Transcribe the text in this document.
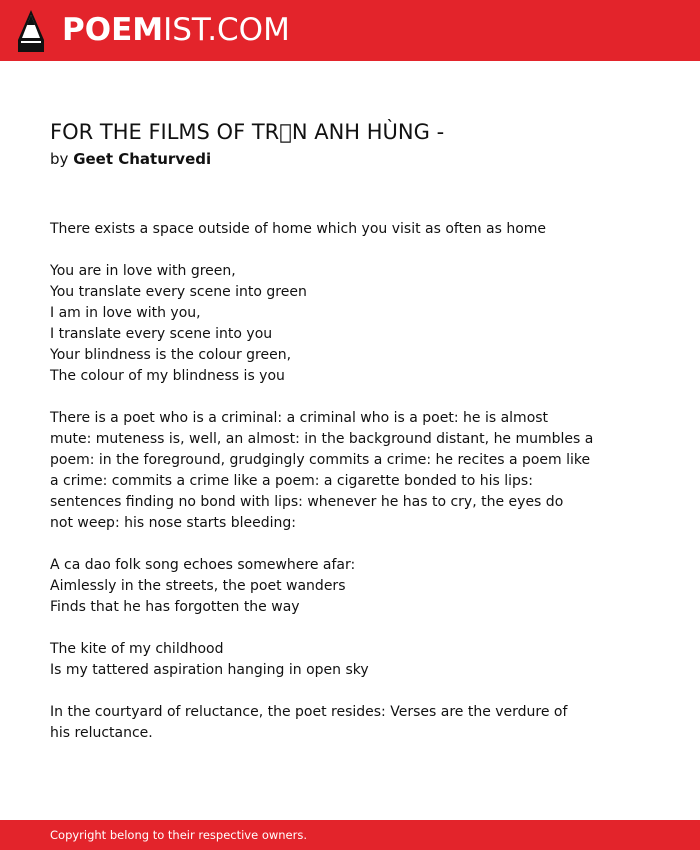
POEMIST.COM
FOR THE FILMS OF TR N ANH HÙNG -
by Geet Chaturvedi
There exists a space outside of home which you visit as often as home
You are in love with green,
You translate every scene into green
I am in love with you,
I translate every scene into you
Your blindness is the colour green,
The colour of my blindness is you
There is a poet who is a criminal: a criminal who is a poet: he is almost
mute: muteness is, well, an almost: in the background distant, he mumbles a
poem: in the foreground, grudgingly commits a crime: he recites a poem like
a crime: commits a crime like a poem: a cigarette bonded to his lips:
sentences finding no bond with lips: whenever he has to cry, the eyes do
not weep: his nose starts bleeding:
A ca dao folk song echoes somewhere afar:
Aimlessly in the streets, the poet wanders
Finds that he has forgotten the way
The kite of my childhood
Is my tattered aspiration hanging in open sky
In the courtyard of reluctance, the poet resides: Verses are the verdure of
his reluctance.
Copyright belong to their respective owners.
